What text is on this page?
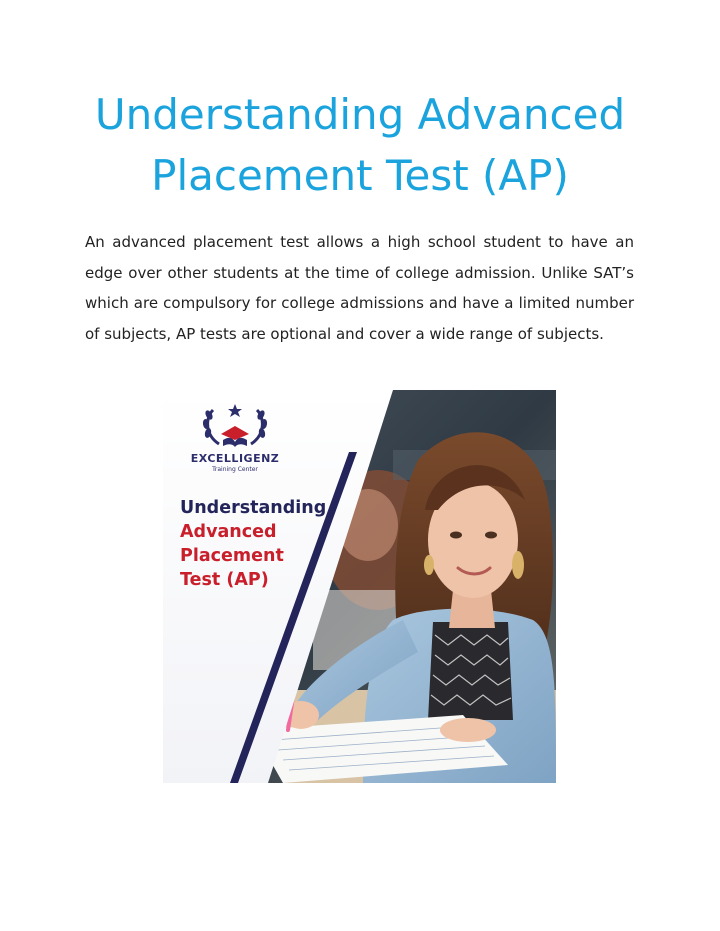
Understanding Advanced
Placement Test (AP)

An advanced placement test allows a high school student to have an edge over other students at the time of college admission. Unlike SAT’s which are compulsory for college admissions and have a limited number of subjects, AP tests are optional and cover a wide range of subjects.

EXCELLIGENZ
Training Center
Understanding
Advanced
Placement
Test (AP)
